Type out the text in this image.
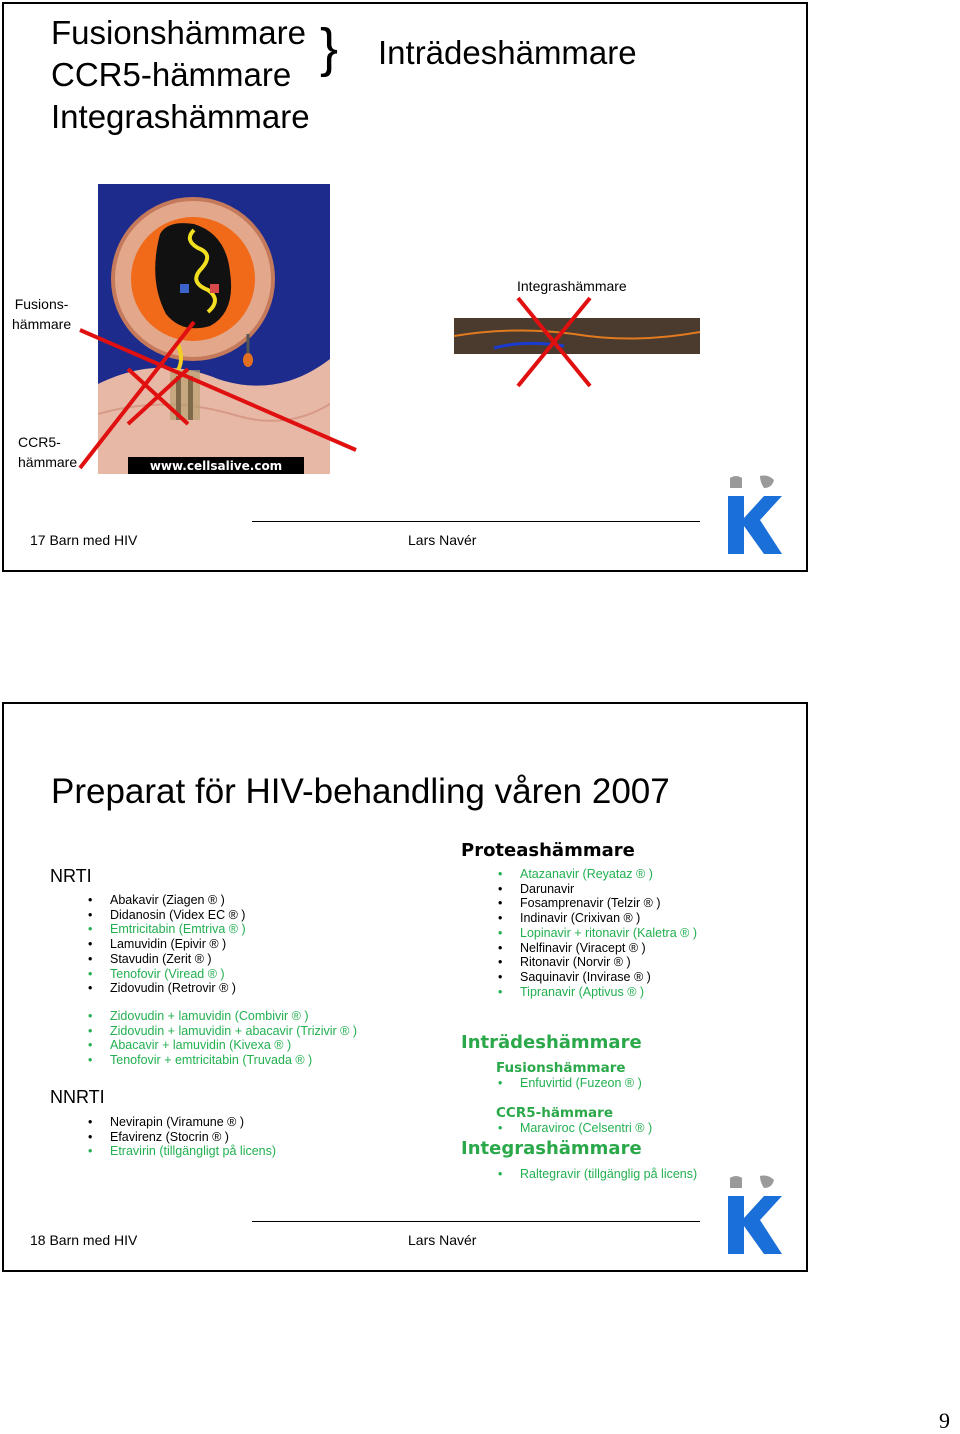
Fusionshämmare
CCR5-hämmare
Integrashämmare
} Inträdeshämmare
Fusions-
hämmare
CCR5-
hämmare
Integrashämmare
www.cellsalive.com
17 Barn med HIV	Lars Navér
Preparat för HIV-behandling våren 2007
NRTI
• Abakavir (Ziagen ® )
• Didanosin (Videx EC ® )
• Emtricitabin (Emtriva ® )
• Lamuvidin (Epivir ® )
• Stavudin (Zerit ® )
• Tenofovir (Viread ® )
• Zidovudin (Retrovir ® )
• Zidovudin + lamuvidin (Combivir ® )
• Zidovudin + lamuvidin + abacavir (Trizivir ® )
• Abacavir + lamuvidin (Kivexa ® )
• Tenofovir + emtricitabin (Truvada ® )
NNRTI
• Nevirapin (Viramune ® )
• Efavirenz (Stocrin ® )
• Etravirin (tillgängligt på licens)
Proteashämmare
• Atazanavir (Reyataz ® )
• Darunavir
• Fosamprenavir (Telzir ® )
• Indinavir (Crixivan ® )
• Lopinavir + ritonavir (Kaletra ® )
• Nelfinavir (Viracept ® )
• Ritonavir (Norvir ® )
• Saquinavir (Invirase ® )
• Tipranavir (Aptivus ® )
Inträdeshämmare
Fusionshämmare
• Enfuvirtid (Fuzeon ® )
CCR5-hämmare
• Maraviroc (Celsentri ® )
Integrashämmare
• Raltegravir (tillgänglig på licens)
18 Barn med HIV	Lars Navér
9
